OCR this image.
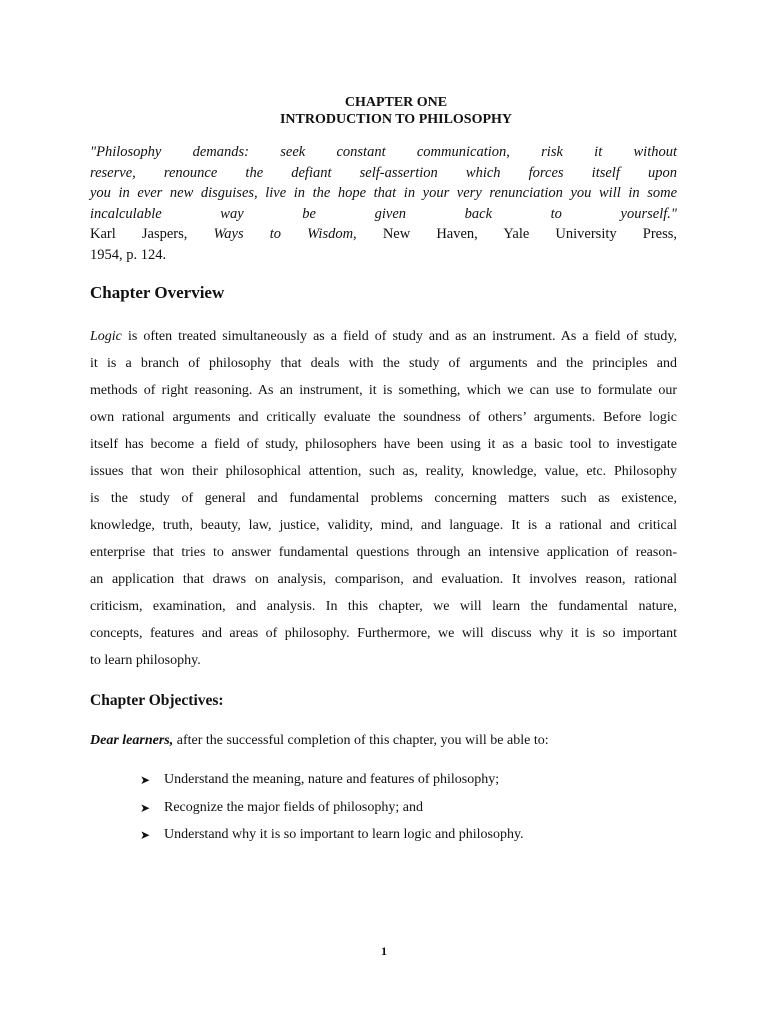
CHAPTER ONE
INTRODUCTION TO PHILOSOPHY
"Philosophy demands: seek constant communication, risk it without
reserve, renounce the defiant self-assertion which forces itself upon
you in ever new disguises, live in the hope that in your very renunciation you will in some
incalculable way be given back to yourself."
Karl Jaspers, Ways to Wisdom, New Haven, Yale University Press,
1954, p. 124.
Chapter Overview
Logic is often treated simultaneously as a field of study and as an instrument. As a field of study,
it is a branch of philosophy that deals with the study of arguments and the principles and
methods of right reasoning. As an instrument, it is something, which we can use to formulate our
own rational arguments and critically evaluate the soundness of others’ arguments. Before logic
itself has become a field of study, philosophers have been using it as a basic tool to investigate
issues that won their philosophical attention, such as, reality, knowledge, value, etc. Philosophy
is the study of general and fundamental problems concerning matters such as existence,
knowledge, truth, beauty, law, justice, validity, mind, and language. It is a rational and critical
enterprise that tries to answer fundamental questions through an intensive application of reason-
an application that draws on analysis, comparison, and evaluation. It involves reason, rational
criticism, examination, and analysis. In this chapter, we will learn the fundamental nature,
concepts, features and areas of philosophy. Furthermore, we will discuss why it is so important
to learn philosophy.
Chapter Objectives:
Dear learners, after the successful completion of this chapter, you will be able to:
➤ Understand the meaning, nature and features of philosophy;
➤ Recognize the major fields of philosophy; and
➤ Understand why it is so important to learn logic and philosophy.
1
